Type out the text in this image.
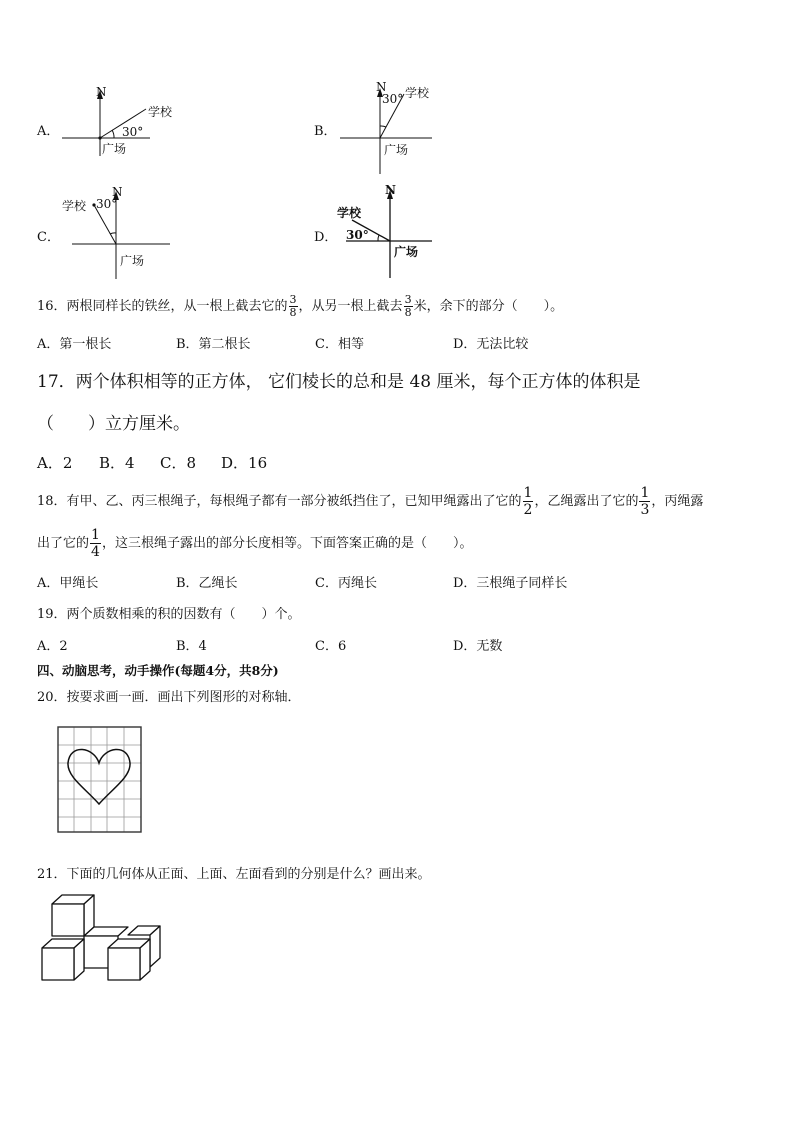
A．
N
学校
30°
广场
B．
N
30° 学校
广场
C．
N
学校 30°
广场
D．
N
学校
30°
广场
16．两根同样长的铁丝，从一根上截去它的 $\frac{3}{8}$ ，从另一根上截去 $\frac{3}{8}$ 米，余下的部分（　　）。
A．第一根长	B．第二根长	C．相等	D．无法比较
17．两个体积相等的正方体， 它们棱长的总和是 48 厘米，每个正方体的体积是
（　　）立方厘米。
A．2 B．4 C．8 D．16
18．有甲、乙、丙三根绳子，每根绳子都有一部分被纸挡住了，已知甲绳露出了它的 $\frac{1}{2}$ ，乙绳露出了它的 $\frac{1}{3}$ ，丙绳露
出了它的 $\frac{1}{4}$ ，这三根绳子露出的部分长度相等。下面答案正确的是（　　）。
A．甲绳长	B．乙绳长	C．丙绳长	D．三根绳子同样长
19．两个质数相乘的积的因数有（　　）个。
A．2	B．4	C．6	D．无数
四、动脑思考，动手操作(每题4分，共8分)
20．按要求画一画．画出下列图形的对称轴．
21．下面的几何体从正面、上面、左面看到的分别是什么？画出来。
